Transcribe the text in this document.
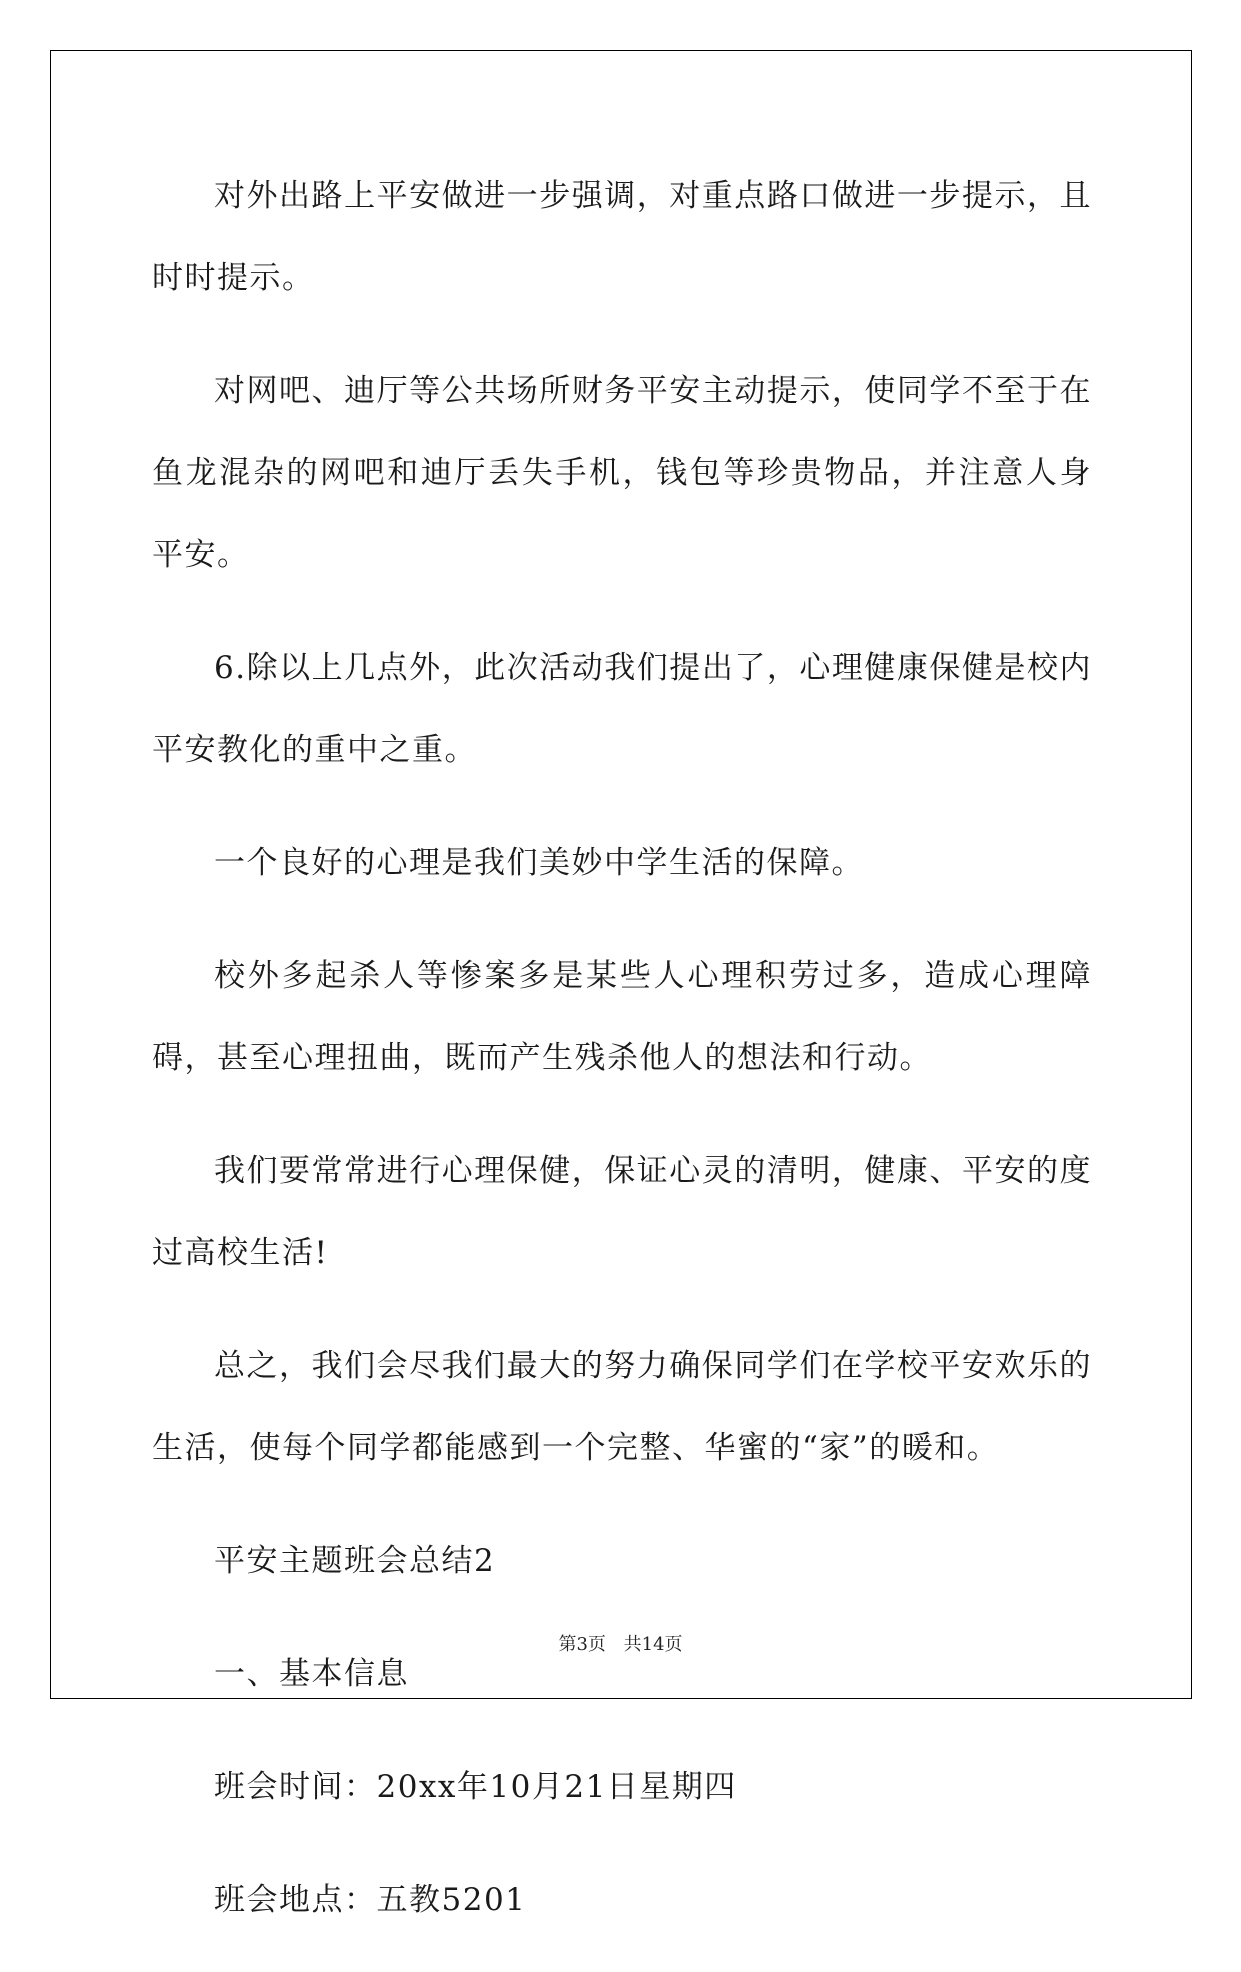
对外出路上平安做进一步强调，对重点路口做进一步提示，且时时提示。

对网吧、迪厅等公共场所财务平安主动提示，使同学不至于在鱼龙混杂的网吧和迪厅丢失手机，钱包等珍贵物品，并注意人身平安。

6.除以上几点外，此次活动我们提出了，心理健康保健是校内平安教化的重中之重。

一个良好的心理是我们美妙中学生活的保障。

校外多起杀人等惨案多是某些人心理积劳过多，造成心理障碍，甚至心理扭曲，既而产生残杀他人的想法和行动。

我们要常常进行心理保健，保证心灵的清明，健康、平安的度过高校生活!

总之，我们会尽我们最大的努力确保同学们在学校平安欢乐的生活，使每个同学都能感到一个完整、华蜜的“家”的暖和。

平安主题班会总结2

一、基本信息

班会时间：20xx年10月21日星期四

班会地点：五教5201

第3页 共14页
